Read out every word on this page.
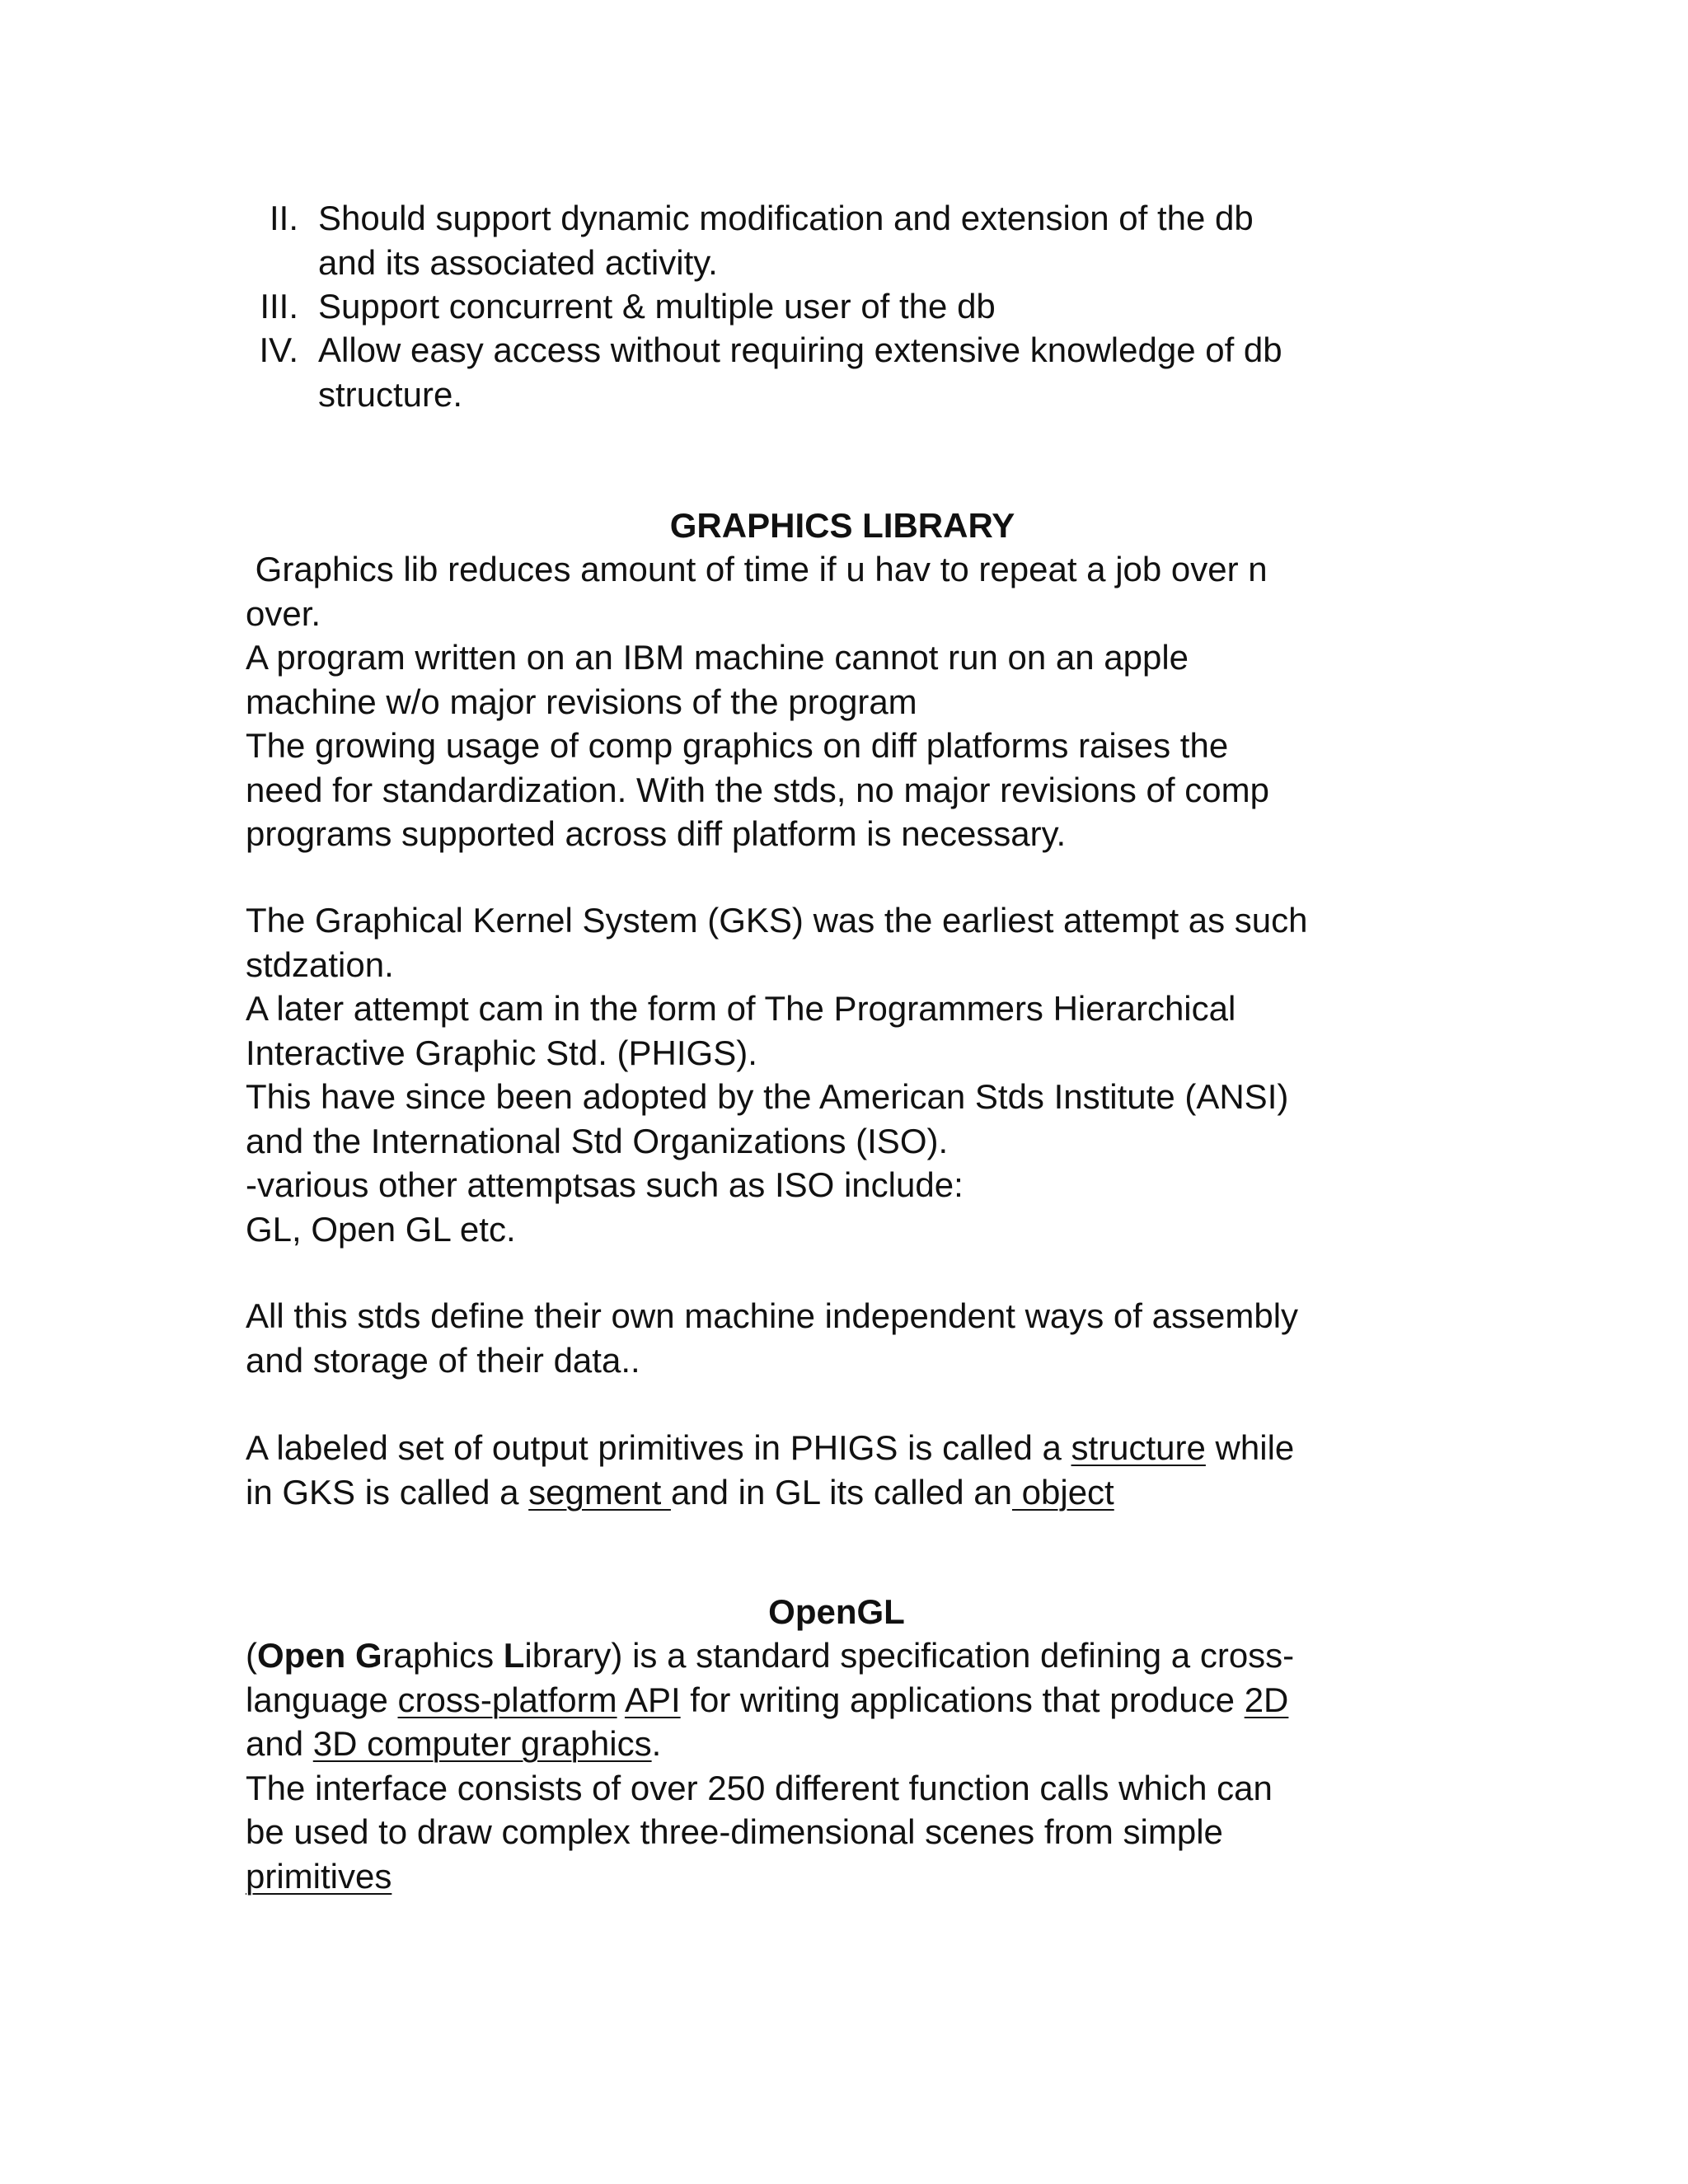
II. Should support dynamic modification and extension of the db
and its associated activity.
III. Support concurrent & multiple user of the db
IV. Allow easy access without requiring extensive knowledge of db
structure.
GRAPHICS LIBRARY
Graphics lib reduces amount of time if u hav to repeat a job over n
over.
A program written on an IBM machine cannot run on an apple
machine w/o major revisions of the program
The growing usage of comp graphics on diff platforms raises the
need for standardization. With the stds, no major revisions of comp
programs supported across diff platform is necessary.
The Graphical Kernel System (GKS) was the earliest attempt as such
stdzation.
A later attempt cam in the form of The Programmers Hierarchical
Interactive Graphic Std. (PHIGS).
This have since been adopted by the American Stds Institute (ANSI)
and the International Std Organizations (ISO).
-various other attemptsas such as ISO include:
GL, Open GL etc.
All this stds define their own machine independent ways of assembly
and storage of their data..
A labeled set of output primitives in PHIGS is called a structure while
in GKS is called a segment and in GL its called an object
OpenGL
(Open Graphics Library) is a standard specification defining a cross-
language cross-platform API for writing applications that produce 2D
and 3D computer graphics.
The interface consists of over 250 different function calls which can
be used to draw complex three-dimensional scenes from simple
primitives
